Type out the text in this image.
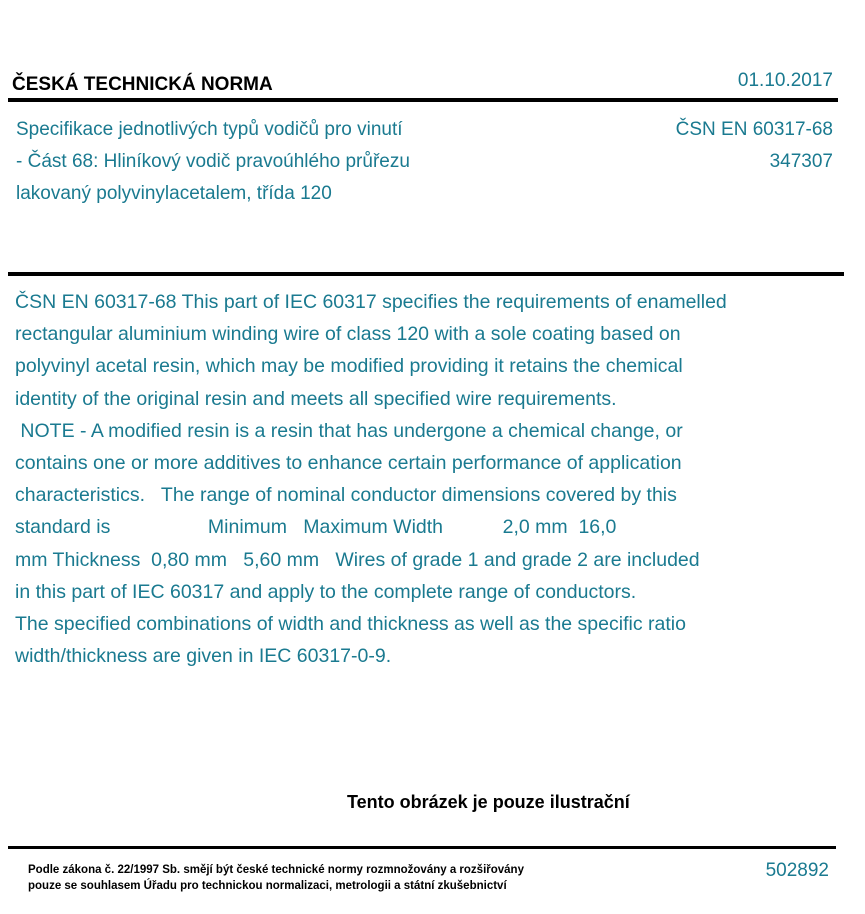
ČESKÁ TECHNICKÁ NORMA	01.10.2017
Specifikace jednotlivých typů vodičů pro vinutí
- Část 68: Hliníkový vodič pravoúhlého průřezu
lakovaný polyvinylacetalem, třída 120
ČSN EN 60317-68
347307
ČSN EN 60317-68 This part of IEC 60317 specifies the requirements of enamelled
rectangular aluminium winding wire of class 120 with a sole coating based on
polyvinyl acetal resin, which may be modified providing it retains the chemical
identity of the original resin and meets all specified wire requirements.
NOTE - A modified resin is a resin that has undergone a chemical change, or
contains one or more additives to enhance certain performance of application
characteristics.   The range of nominal conductor dimensions covered by this
standard is                  Minimum   Maximum Width           2,0 mm  16,0
mm Thickness  0,80 mm   5,60 mm   Wires of grade 1 and grade 2 are included
in this part of IEC 60317 and apply to the complete range of conductors.
The specified combinations of width and thickness as well as the specific ratio
width/thickness are given in IEC 60317-0-9.
Tento obrázek je pouze ilustrační
Podle zákona č. 22/1997 Sb. smějí být české technické normy rozmnožovány a rozšiřovány
pouze se souhlasem Úřadu pro technickou normalizaci, metrologii a státní zkušebnictví
502892
